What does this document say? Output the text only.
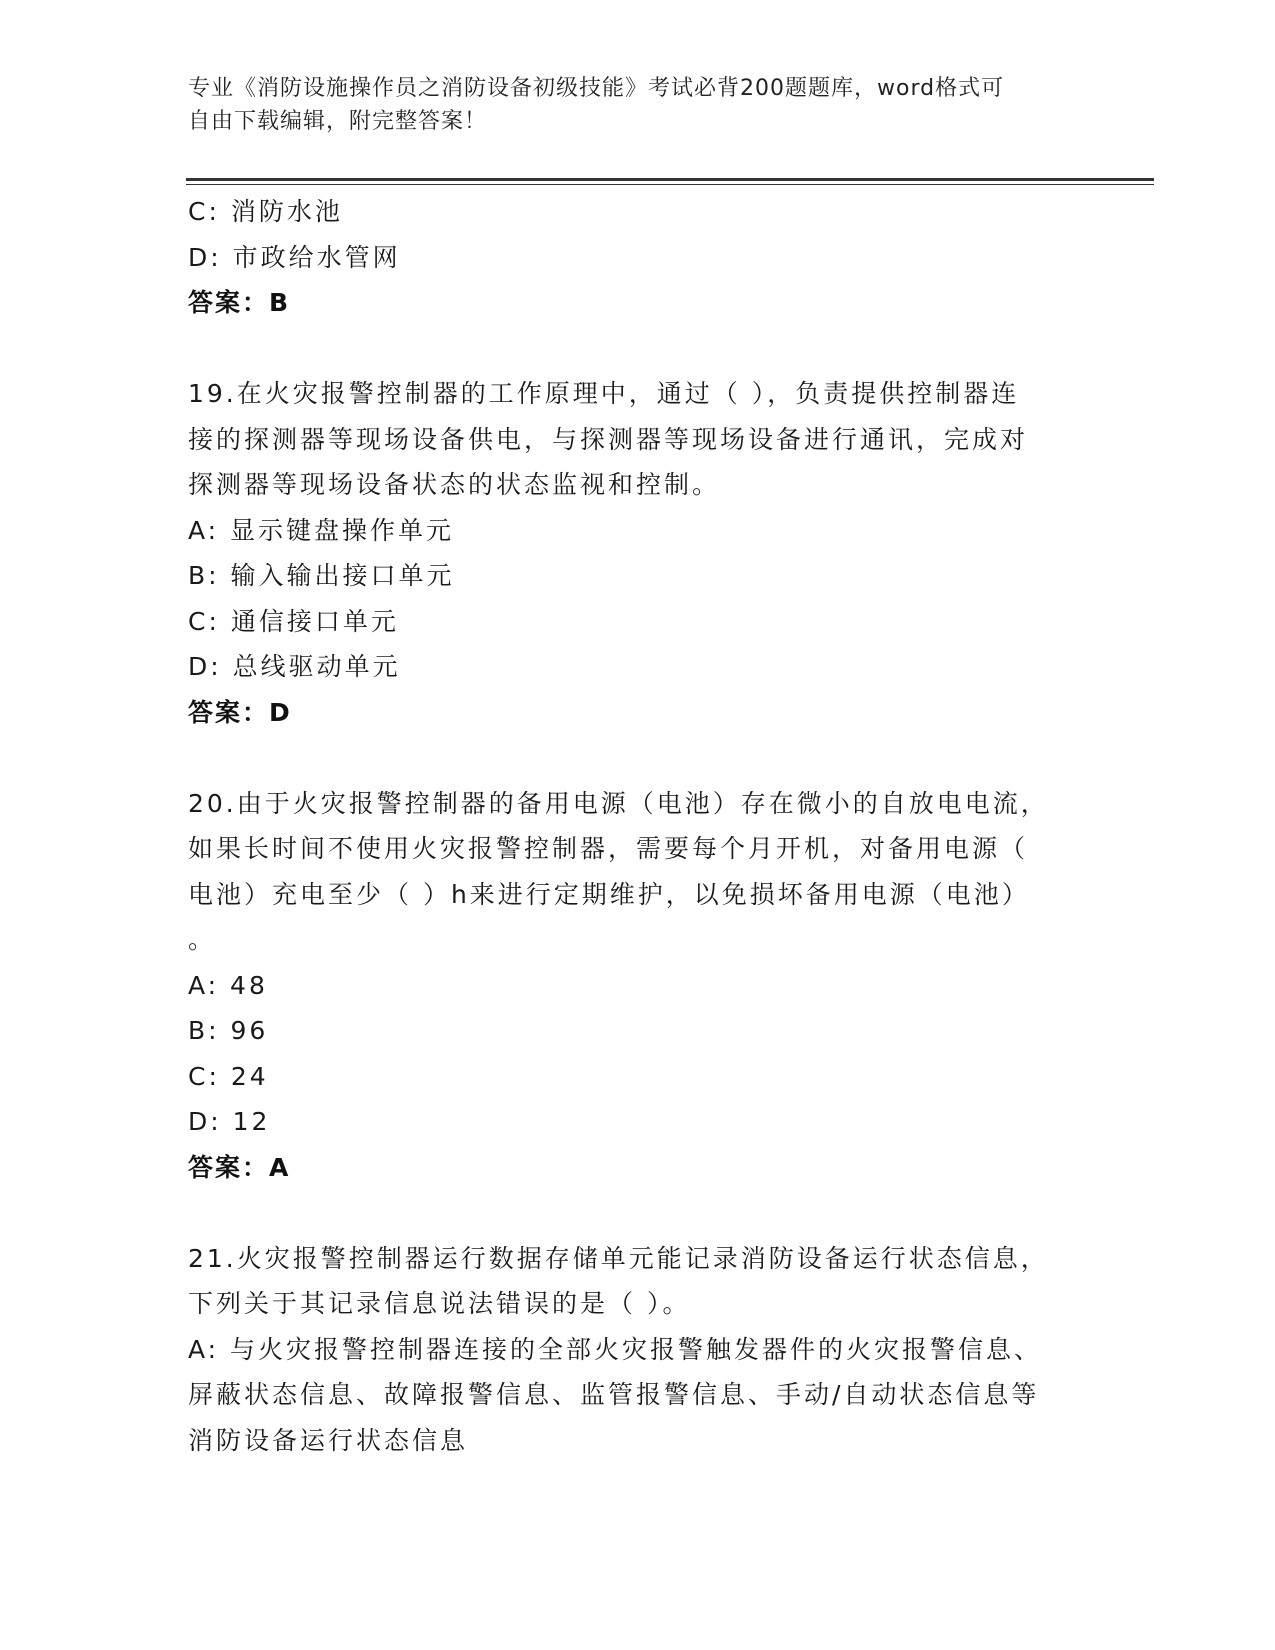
专业《消防设施操作员之消防设备初级技能》考试必背200题题库，word格式可
自由下载编辑，附完整答案！
C: 消防水池
D: 市政给水管网
答案：B
19.在火灾报警控制器的工作原理中，通过（ ），负责提供控制器连
接的探测器等现场设备供电，与探测器等现场设备进行通讯，完成对
探测器等现场设备状态的状态监视和控制。
A: 显示键盘操作单元
B: 输入输出接口单元
C: 通信接口单元
D: 总线驱动单元
答案：D
20.由于火灾报警控制器的备用电源（电池）存在微小的自放电电流，
如果长时间不使用火灾报警控制器，需要每个月开机，对备用电源（
电池）充电至少（ ）h来进行定期维护，以免损坏备用电源（电池）
。
A: 48
B: 96
C: 24
D: 12
答案：A
21.火灾报警控制器运行数据存储单元能记录消防设备运行状态信息，
下列关于其记录信息说法错误的是（ ）。
A: 与火灾报警控制器连接的全部火灾报警触发器件的火灾报警信息、
屏蔽状态信息、故障报警信息、监管报警信息、手动/自动状态信息等
消防设备运行状态信息
